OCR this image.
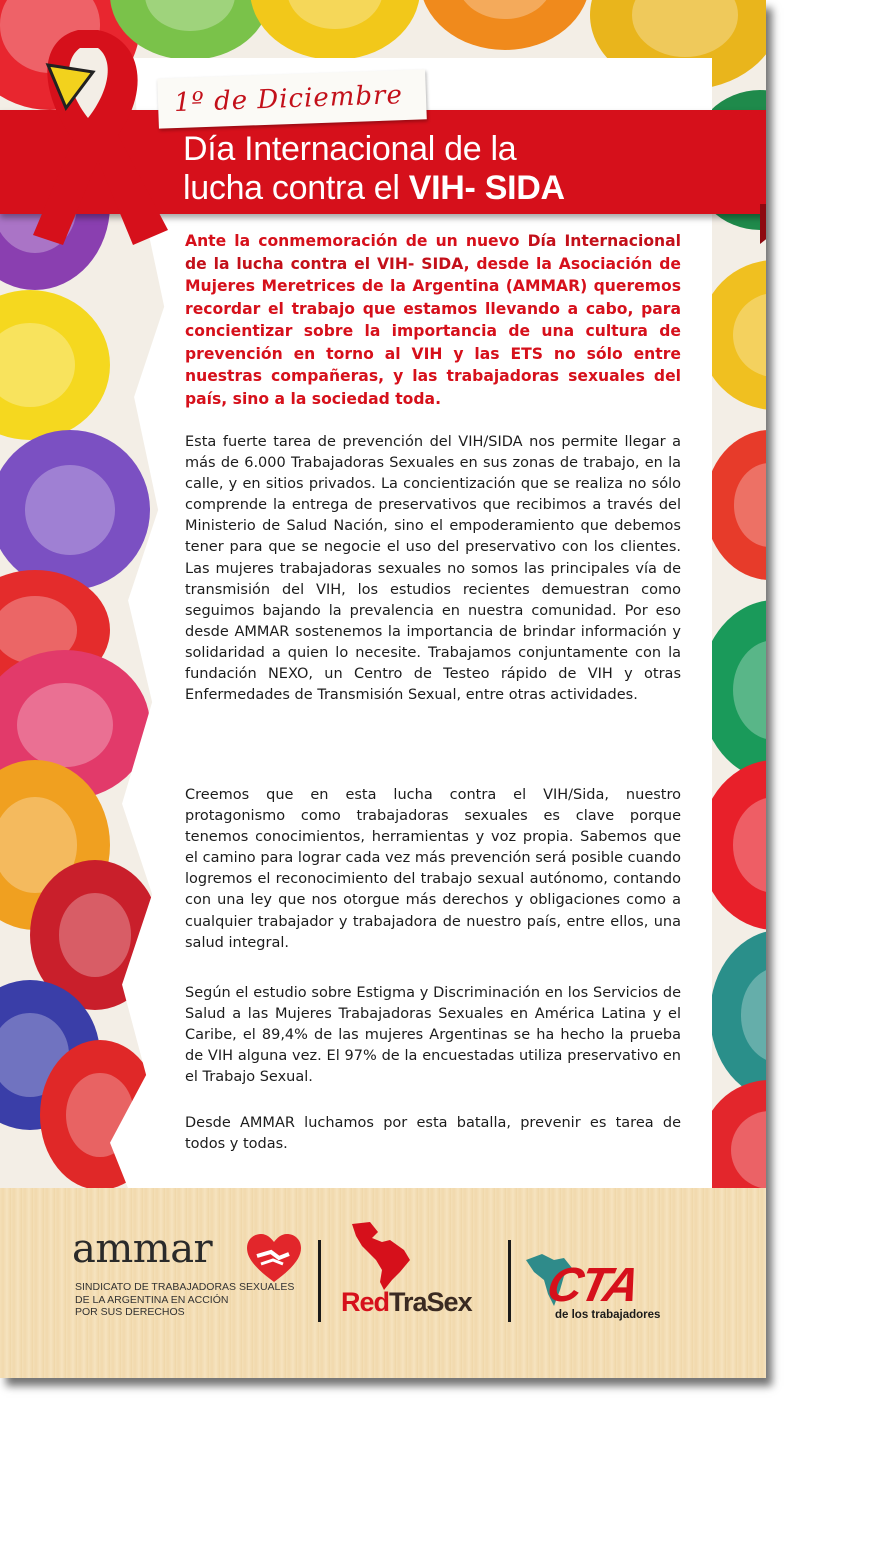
1º de Diciembre
Día Internacional de la
lucha contra el VIH- SIDA
Ante la conmemoración de un nuevo Día Internacional de la lucha contra el VIH- SIDA, desde la Asociación de Mujeres Meretrices de la Argentina (AMMAR) queremos recordar el trabajo que estamos llevando a cabo, para concientizar sobre la importancia de una cultura de prevención en torno al VIH y las ETS no sólo entre nuestras compañeras, y las trabajadoras sexuales del país, sino a la sociedad toda.

Esta fuerte tarea de prevención del VIH/SIDA nos permite llegar a más de 6.000 Trabajadoras Sexuales en sus zonas de trabajo, en la calle, y en sitios privados. La concientización que se realiza no sólo comprende la entrega de preservativos que recibimos a través del Ministerio de Salud Nación, sino el empoderamiento que debemos tener para que se negocie el uso del preservativo con los clientes. Las mujeres trabajadoras sexuales no somos las principales vía de transmisión del VIH, los estudios recientes demuestran como seguimos bajando la prevalencia en nuestra comunidad. Por eso desde AMMAR sostenemos la importancia de brindar información y solidaridad a quien lo necesite. Trabajamos conjuntamente con la fundación NEXO, un Centro de Testeo rápido de VIH y otras Enfermedades de Transmisión Sexual, entre otras actividades.

Creemos que en esta lucha contra el VIH/Sida, nuestro protagonismo como trabajadoras sexuales es clave porque tenemos conocimientos, herramientas y voz propia. Sabemos que el camino para lograr cada vez más prevención será posible cuando logremos el reconocimiento del trabajo sexual autónomo, contando con una ley que nos otorgue más derechos y obligaciones como a cualquier trabajador y trabajadora de nuestro país, entre ellos, una salud integral.

Según el estudio sobre Estigma y Discriminación en los Servicios de Salud a las Mujeres Trabajadoras Sexuales en América Latina y el Caribe, el 89,4% de las mujeres Argentinas se ha hecho la prueba de VIH alguna vez. El 97% de la encuestadas utiliza preservativo en el Trabajo Sexual.

Desde AMMAR luchamos por esta batalla, prevenir es tarea de todos y todas.

ammar
SINDICATO DE TRABAJADORAS SEXUALES
DE LA ARGENTINA EN ACCIÓN
POR SUS DERECHOS	RedTraSex CTA
de los trabajadores
